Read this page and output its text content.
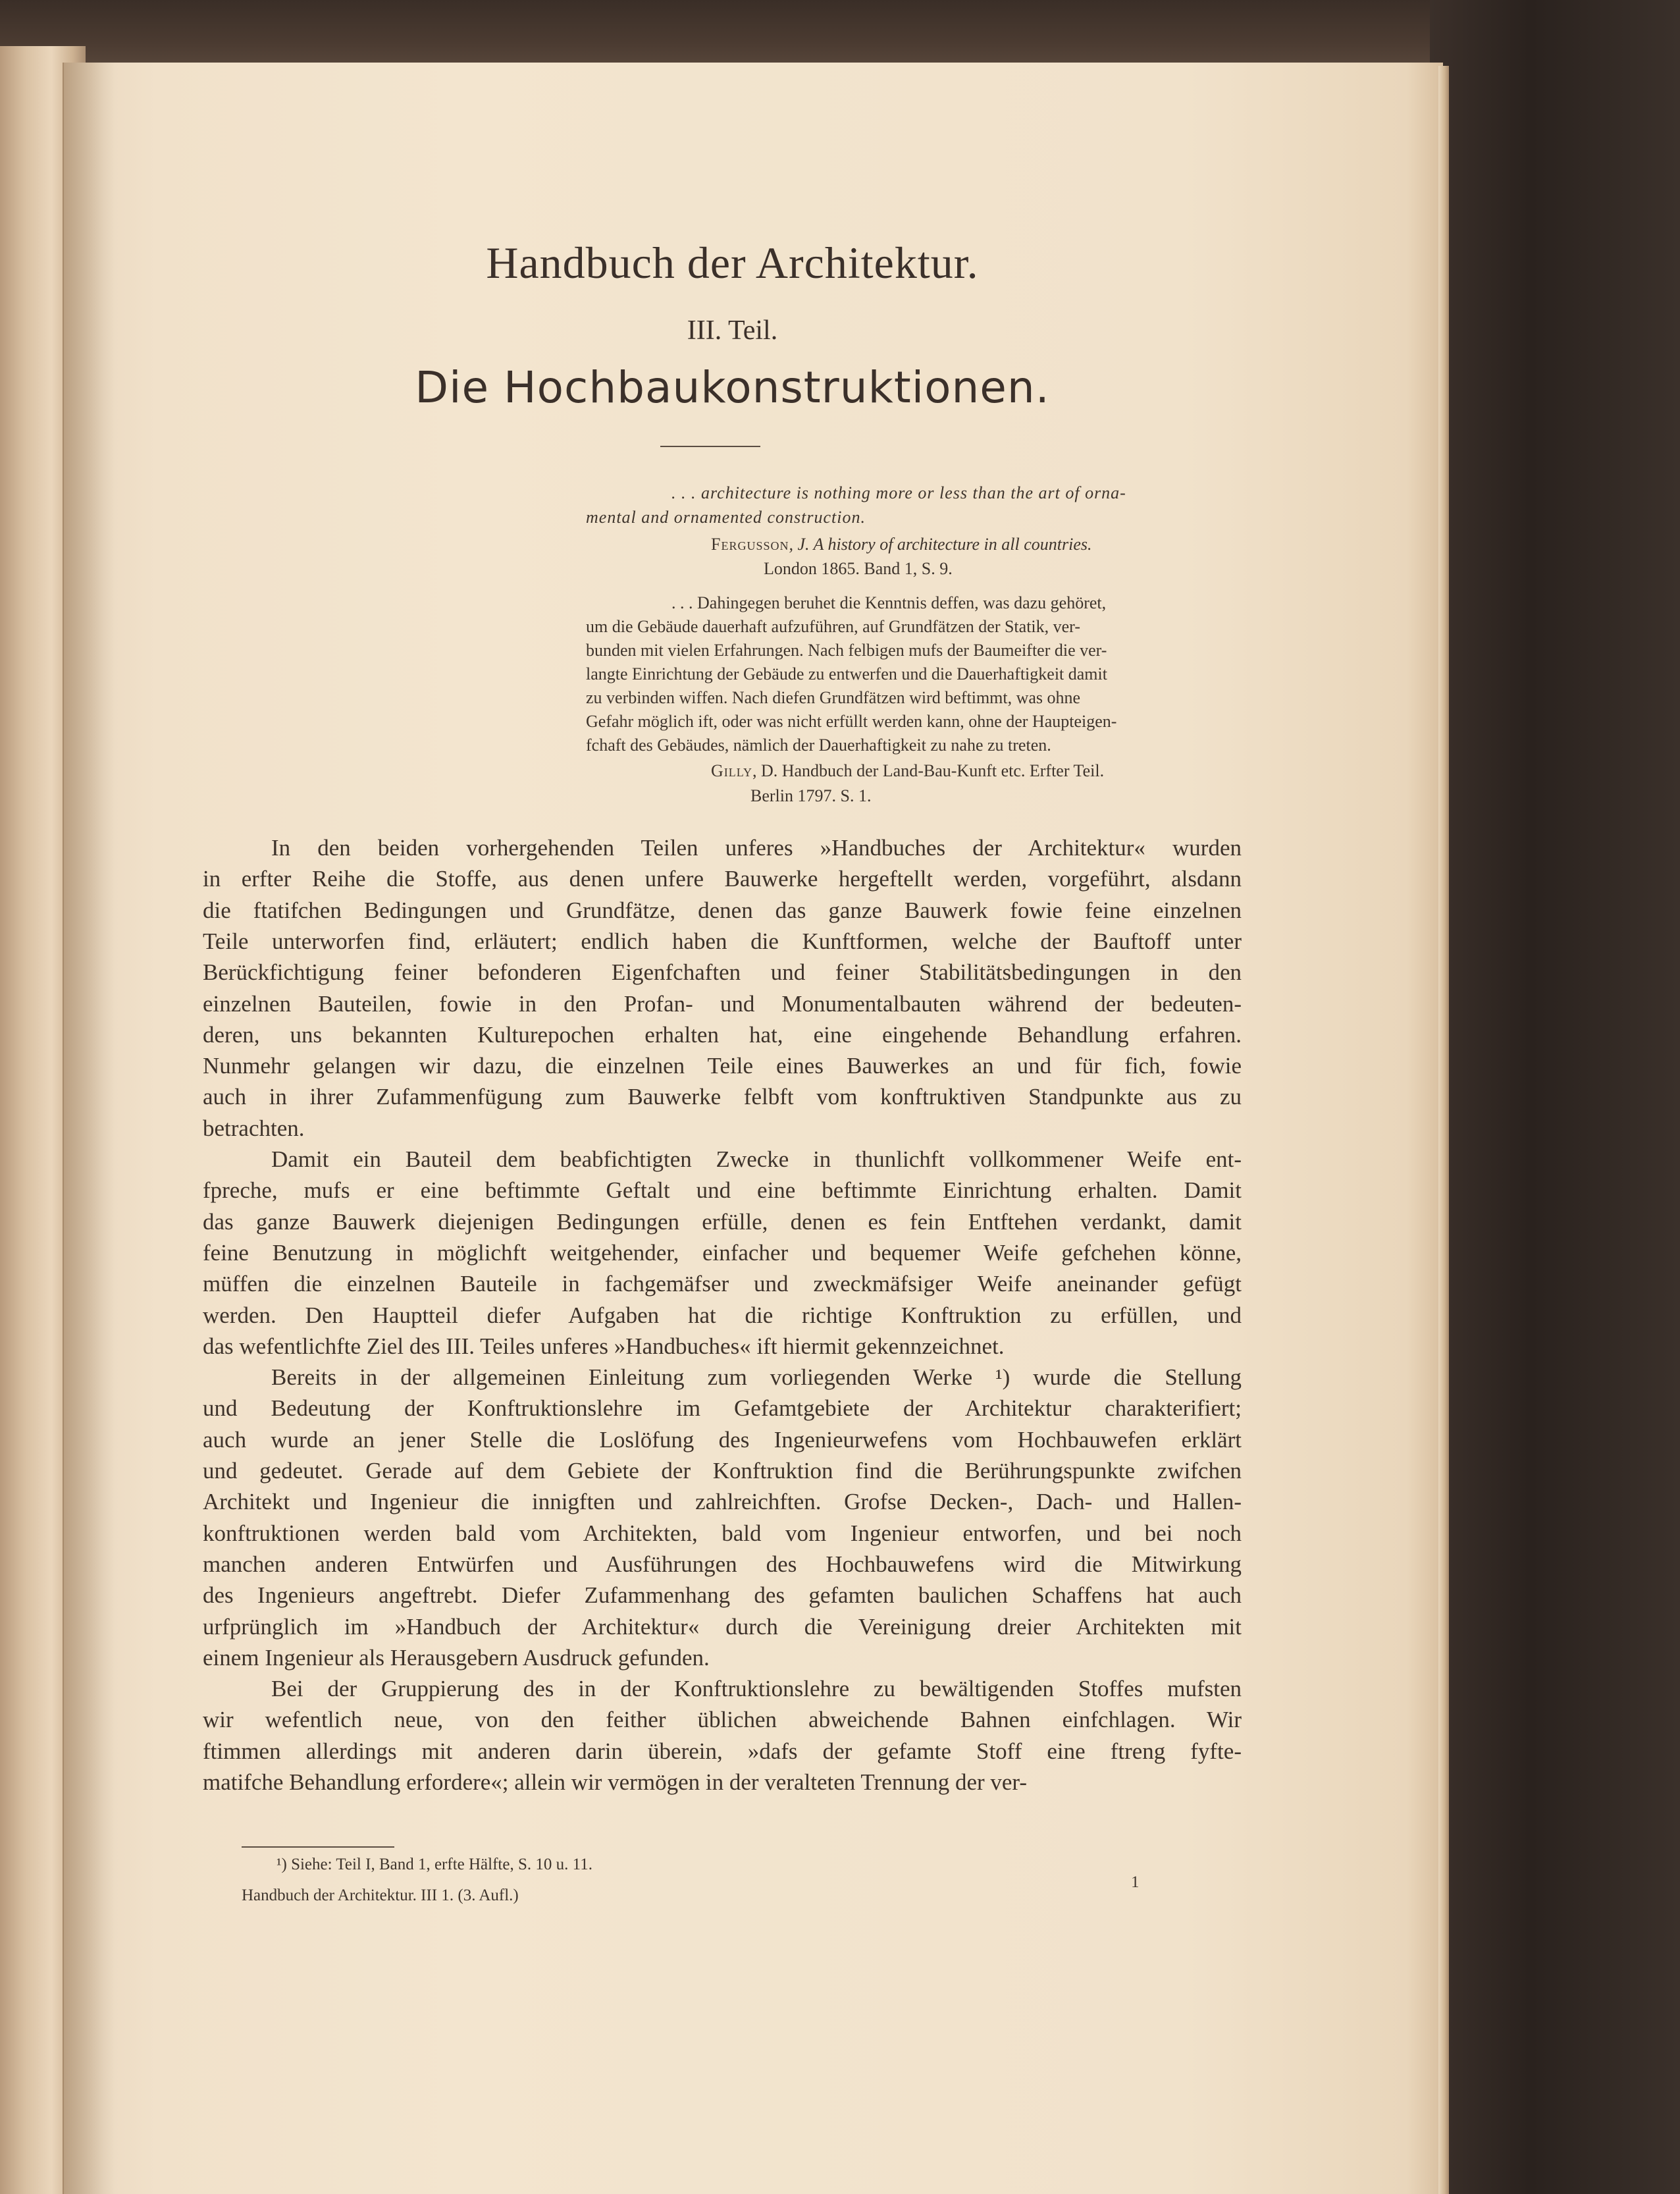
Handbuch der Architektur.
III. Teil.
Die Hochbaukonstruktionen.
. . . architecture is nothing more or less than the art of orna-
mental and ornamented construction.
Fergusson, J. A history of architecture in all countries.
London 1865. Band 1, S. 9.
. . . Dahingegen beruhet die Kenntnis deffen, was dazu gehöret,
um die Gebäude dauerhaft aufzuführen, auf Grundfätzen der Statik, ver-
bunden mit vielen Erfahrungen. Nach felbigen mufs der Baumeifter die ver-
langte Einrichtung der Gebäude zu entwerfen und die Dauerhaftigkeit damit
zu verbinden wiffen. Nach diefen Grundfätzen wird beftimmt, was ohne
Gefahr möglich ift, oder was nicht erfüllt werden kann, ohne der Haupteigen-
fchaft des Gebäudes, nämlich der Dauerhaftigkeit zu nahe zu treten.
Gilly, D. Handbuch der Land-Bau-Kunft etc. Erfter Teil.
Berlin 1797. S. 1.
In den beiden vorhergehenden Teilen unferes »Handbuches der Architektur« wurden
in erfter Reihe die Stoffe, aus denen unfere Bauwerke hergeftellt werden, vorgeführt, alsdann
die ftatifchen Bedingungen und Grundfätze, denen das ganze Bauwerk fowie feine einzelnen
Teile unterworfen find, erläutert; endlich haben die Kunftformen, welche der Bauftoff unter
Berückfichtigung feiner befonderen Eigenfchaften und feiner Stabilitätsbedingungen in den
einzelnen Bauteilen, fowie in den Profan- und Monumentalbauten während der bedeuten-
deren, uns bekannten Kulturepochen erhalten hat, eine eingehende Behandlung erfahren.
Nunmehr gelangen wir dazu, die einzelnen Teile eines Bauwerkes an und für fich, fowie
auch in ihrer Zufammenfügung zum Bauwerke felbft vom konftruktiven Standpunkte aus zu
betrachten.
Damit ein Bauteil dem beabfichtigten Zwecke in thunlichft vollkommener Weife ent-
fpreche, mufs er eine beftimmte Geftalt und eine beftimmte Einrichtung erhalten. Damit
das ganze Bauwerk diejenigen Bedingungen erfülle, denen es fein Entftehen verdankt, damit
feine Benutzung in möglichft weitgehender, einfacher und bequemer Weife gefchehen könne,
müffen die einzelnen Bauteile in fachgemäfser und zweckmäfsiger Weife aneinander gefügt
werden. Den Hauptteil diefer Aufgaben hat die richtige Konftruktion zu erfüllen, und
das wefentlichfte Ziel des III. Teiles unferes »Handbuches« ift hiermit gekennzeichnet.
Bereits in der allgemeinen Einleitung zum vorliegenden Werke ¹) wurde die Stellung
und Bedeutung der Konftruktionslehre im Gefamtgebiete der Architektur charakterifiert;
auch wurde an jener Stelle die Loslöfung des Ingenieurwefens vom Hochbauwefen erklärt
und gedeutet. Gerade auf dem Gebiete der Konftruktion find die Berührungspunkte zwifchen
Architekt und Ingenieur die innigften und zahlreichften. Grofse Decken-, Dach- und Hallen-
konftruktionen werden bald vom Architekten, bald vom Ingenieur entworfen, und bei noch
manchen anderen Entwürfen und Ausführungen des Hochbauwefens wird die Mitwirkung
des Ingenieurs angeftrebt. Diefer Zufammenhang des gefamten baulichen Schaffens hat auch
urfprünglich im »Handbuch der Architektur« durch die Vereinigung dreier Architekten mit
einem Ingenieur als Herausgebern Ausdruck gefunden.
Bei der Gruppierung des in der Konftruktionslehre zu bewältigenden Stoffes mufsten
wir wefentlich neue, von den feither üblichen abweichende Bahnen einfchlagen. Wir
ftimmen allerdings mit anderen darin überein, »dafs der gefamte Stoff eine ftreng fyfte-
matifche Behandlung erfordere«; allein wir vermögen in der veralteten Trennung der ver-
¹) Siehe: Teil I, Band 1, erfte Hälfte, S. 10 u. 11.
Handbuch der Architektur. III 1. (3. Aufl.)
1
